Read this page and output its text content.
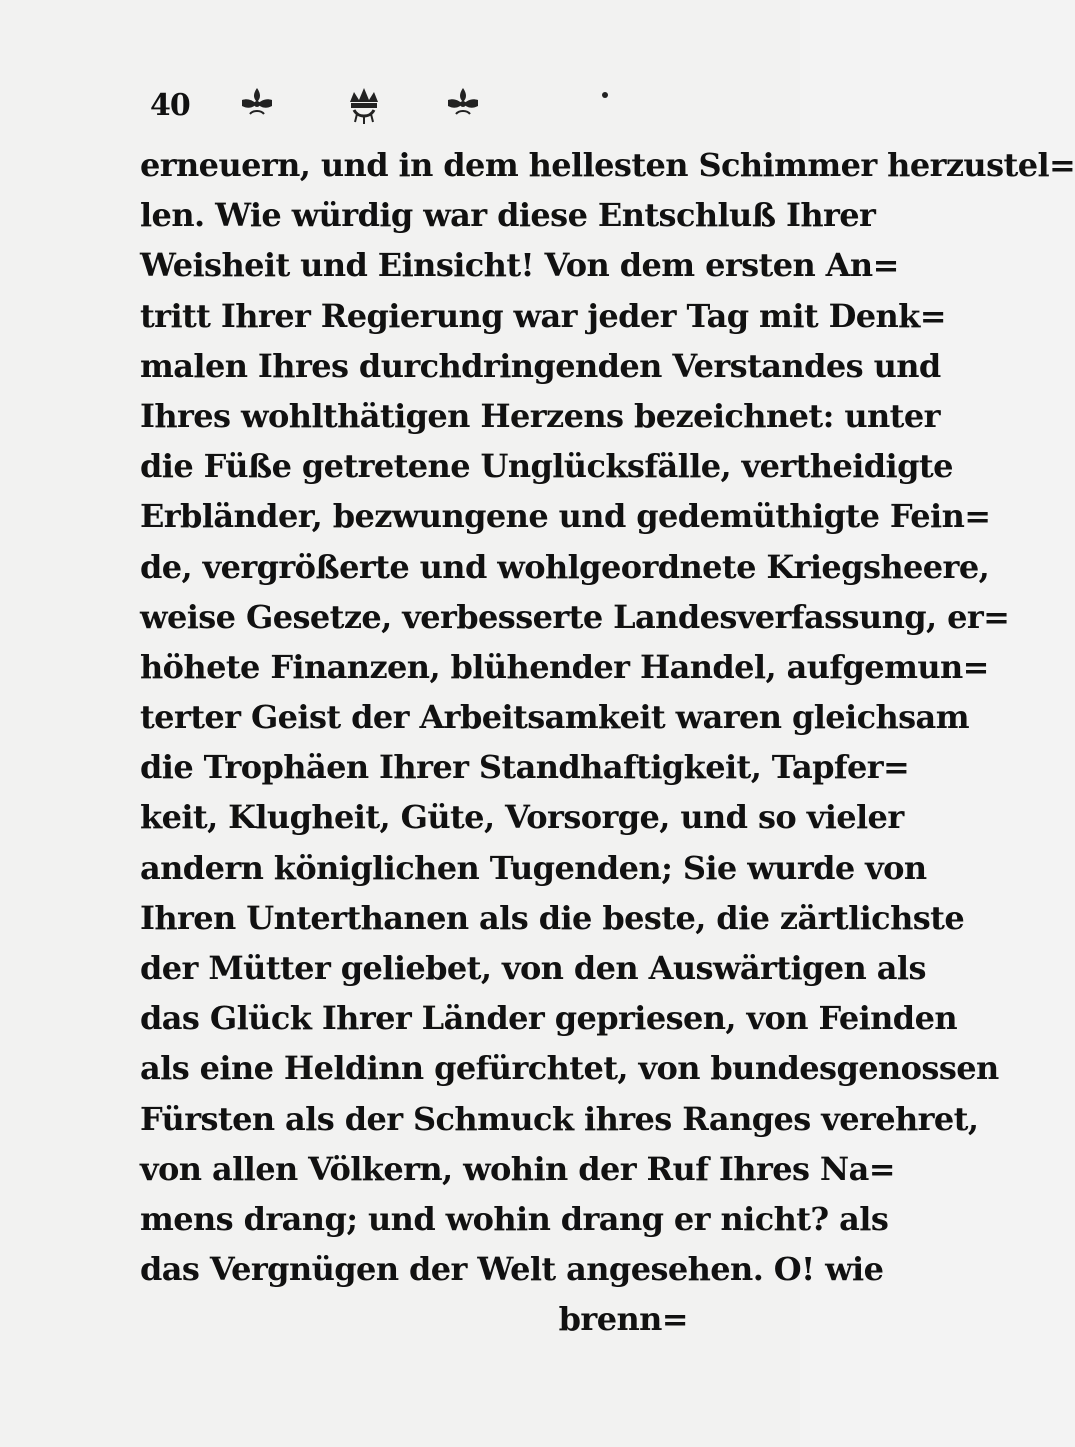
40
erneuern, und in dem hellesten Schimmer herzustel=
len. Wie würdig war diese Entschluß Ihrer
Weisheit und Einsicht! Von dem ersten An=
tritt Ihrer Regierung war jeder Tag mit Denk=
malen Ihres durchdringenden Verstandes und
Ihres wohlthätigen Herzens bezeichnet: unter
die Füße getretene Unglücksfälle, vertheidigte
Erbländer, bezwungene und gedemüthigte Fein=
de, vergrößerte und wohlgeordnete Kriegsheere,
weise Gesetze, verbesserte Landesverfassung, er=
höhete Finanzen, blühender Handel, aufgemun=
terter Geist der Arbeitsamkeit waren gleichsam
die Trophäen Ihrer Standhaftigkeit, Tapfer=
keit, Klugheit, Güte, Vorsorge, und so vieler
andern königlichen Tugenden; Sie wurde von
Ihren Unterthanen als die beste, die zärtlichste
der Mütter geliebet, von den Auswärtigen als
das Glück Ihrer Länder gepriesen, von Feinden
als eine Heldinn gefürchtet, von bundesgenossen
Fürsten als der Schmuck ihres Ranges verehret,
von allen Völkern, wohin der Ruf Ihres Na=
mens drang; und wohin drang er nicht? als
das Vergnügen der Welt angesehen. O! wie
brenn=
